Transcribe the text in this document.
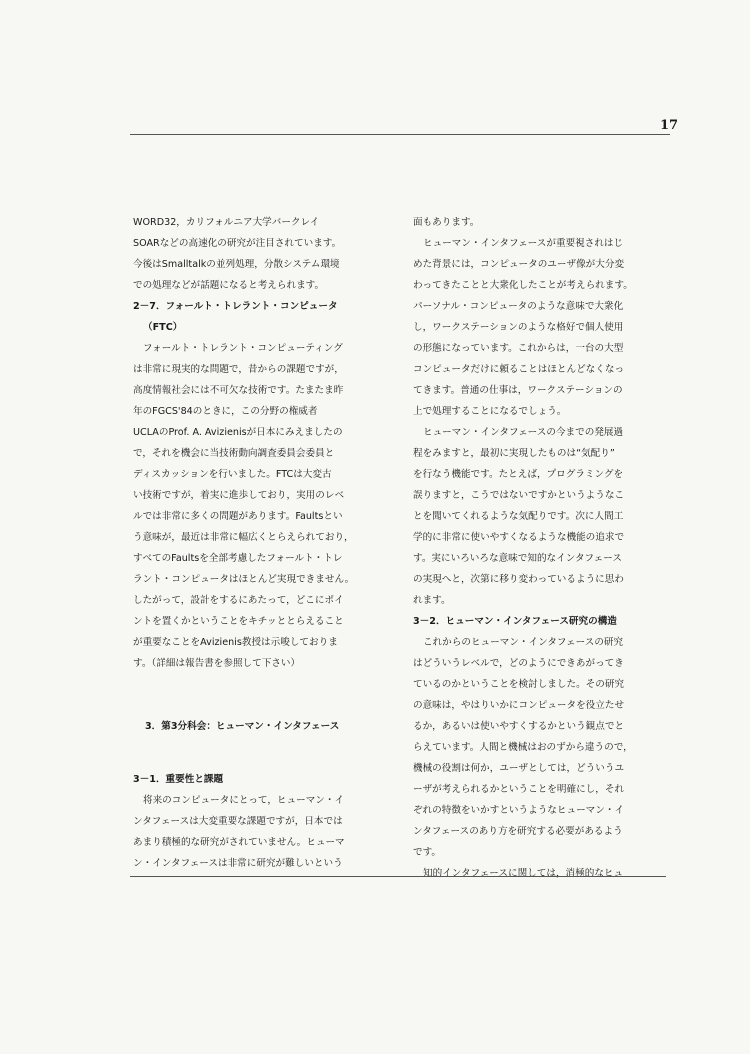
17
WORD32，カリフォルニア大学バークレイ
SOARなどの高速化の研究が注目されています。
今後はSmalltalkの並列処理，分散システム環境
での処理などが話題になると考えられます。
2－7．フォールト・トレラント・コンピュータ
（FTC）
フォールト・トレラント・コンピューティング
は非常に現実的な問題で，昔からの課題ですが，
高度情報社会には不可欠な技術です。たまたま昨
年のFGCS'84のときに，この分野の権威者
UCLAのProf. A. Avizienisが日本にみえましたの
で，それを機会に当技術動向調査委員会委員と
ディスカッションを行いました。FTCは大変古
い技術ですが，着実に進歩しており，実用のレベ
ルでは非常に多くの問題があります。Faultsとい
う意味が，最近は非常に幅広くとらえられており，
すべてのFaultsを全部考慮したフォールト・トレ
ラント・コンピュータはほとんど実現できません。
したがって，設計をするにあたって，どこにポイ
ントを置くかということをキチッととらえること
が重要なことをAvizienis教授は示唆しておりま
す。（詳細は報告書を参照して下さい）
3．第3分科会：ヒューマン・インタフェース
3－1．重要性と課題
将来のコンピュータにとって，ヒューマン・イ
ンタフェースは大変重要な課題ですが，日本では
あまり積極的な研究がされていません。ヒューマ
ン・インタフェースは非常に研究が難しいという
面もあります。
ヒューマン・インタフェースが重要視されはじ
めた背景には，コンピュータのユーザ像が大分変
わってきたことと大衆化したことが考えられます。
パーソナル・コンピュータのような意味で大衆化
し，ワークステーションのような格好で個人使用
の形態になっています。これからは，一台の大型
コンピュータだけに頼ることはほとんどなくなっ
てきます。普通の仕事は，ワークステーションの
上で処理することになるでしょう。
ヒューマン・インタフェースの今までの発展過
程をみますと，最初に実現したものは“気配り”
を行なう機能です。たとえば，プログラミングを
誤りますと，こうではないですかというようなこ
とを聞いてくれるような気配りです。次に人間工
学的に非常に使いやすくなるような機能の追求で
す。実にいろいろな意味で知的なインタフェース
の実現へと，次第に移り変わっているように思わ
れます。
3－2．ヒューマン・インタフェース研究の構造
これからのヒューマン・インタフェースの研究
はどういうレベルで，どのようにできあがってき
ているのかということを検討しました。その研究
の意味は，やはりいかにコンピュータを役立たせ
るか，あるいは使いやすくするかという観点でと
らえています。人間と機械はおのずから違うので，
機械の役割は何か，ユーザとしては，どういうユ
ーザが考えられるかということを明確にし，それ
ぞれの特徴をいかすというようなヒューマン・イ
ンタフェースのあり方を研究する必要があるよう
です。
知的インタフェースに関しては，消極的なヒュ
